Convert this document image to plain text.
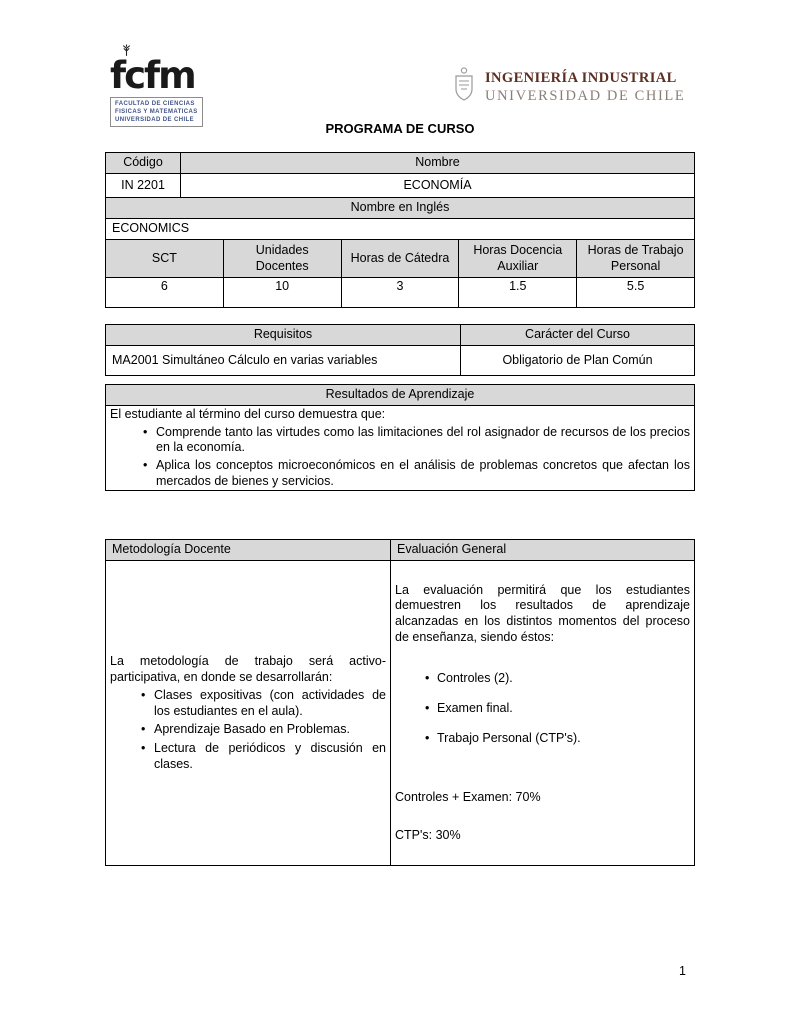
fcfm
FACULTAD DE CIENCIAS
FISICAS Y MATEMATICAS
UNIVERSIDAD DE CHILE
INGENIERÍA INDUSTRIAL
UNIVERSIDAD DE CHILE
PROGRAMA DE CURSO
Código	Nombre
IN 2201	ECONOMÍA
Nombre en Inglés
ECONOMICS
SCT	Unidades Docentes	Horas de Cátedra	Horas Docencia Auxiliar	Horas de Trabajo Personal
6	10	3	1.5	5.5
Requisitos	Carácter del Curso
MA2001 Simultáneo Cálculo en varias variables	Obligatorio de Plan Común
Resultados de Aprendizaje

El estudiante al término del curso demuestra que:
• Comprende tanto las virtudes como las limitaciones del rol asignador de recursos de los precios en la economía.
• Aplica los conceptos microeconómicos en el análisis de problemas concretos que afectan los mercados de bienes y servicios.
Metodología Docente	Evaluación General

La metodología de trabajo será activo-participativa, en donde se desarrollarán:
• Clases expositivas (con actividades de los estudiantes en el aula).
• Aprendizaje Basado en Problemas.
• Lectura de periódicos y discusión en clases.

La evaluación permitirá que los estudiantes demuestren los resultados de aprendizaje alcanzadas en los distintos momentos del proceso de enseñanza, siendo éstos:
• Controles (2).
• Examen final.
• Trabajo Personal (CTP's).
Controles + Examen: 70%
CTP's: 30%
1
